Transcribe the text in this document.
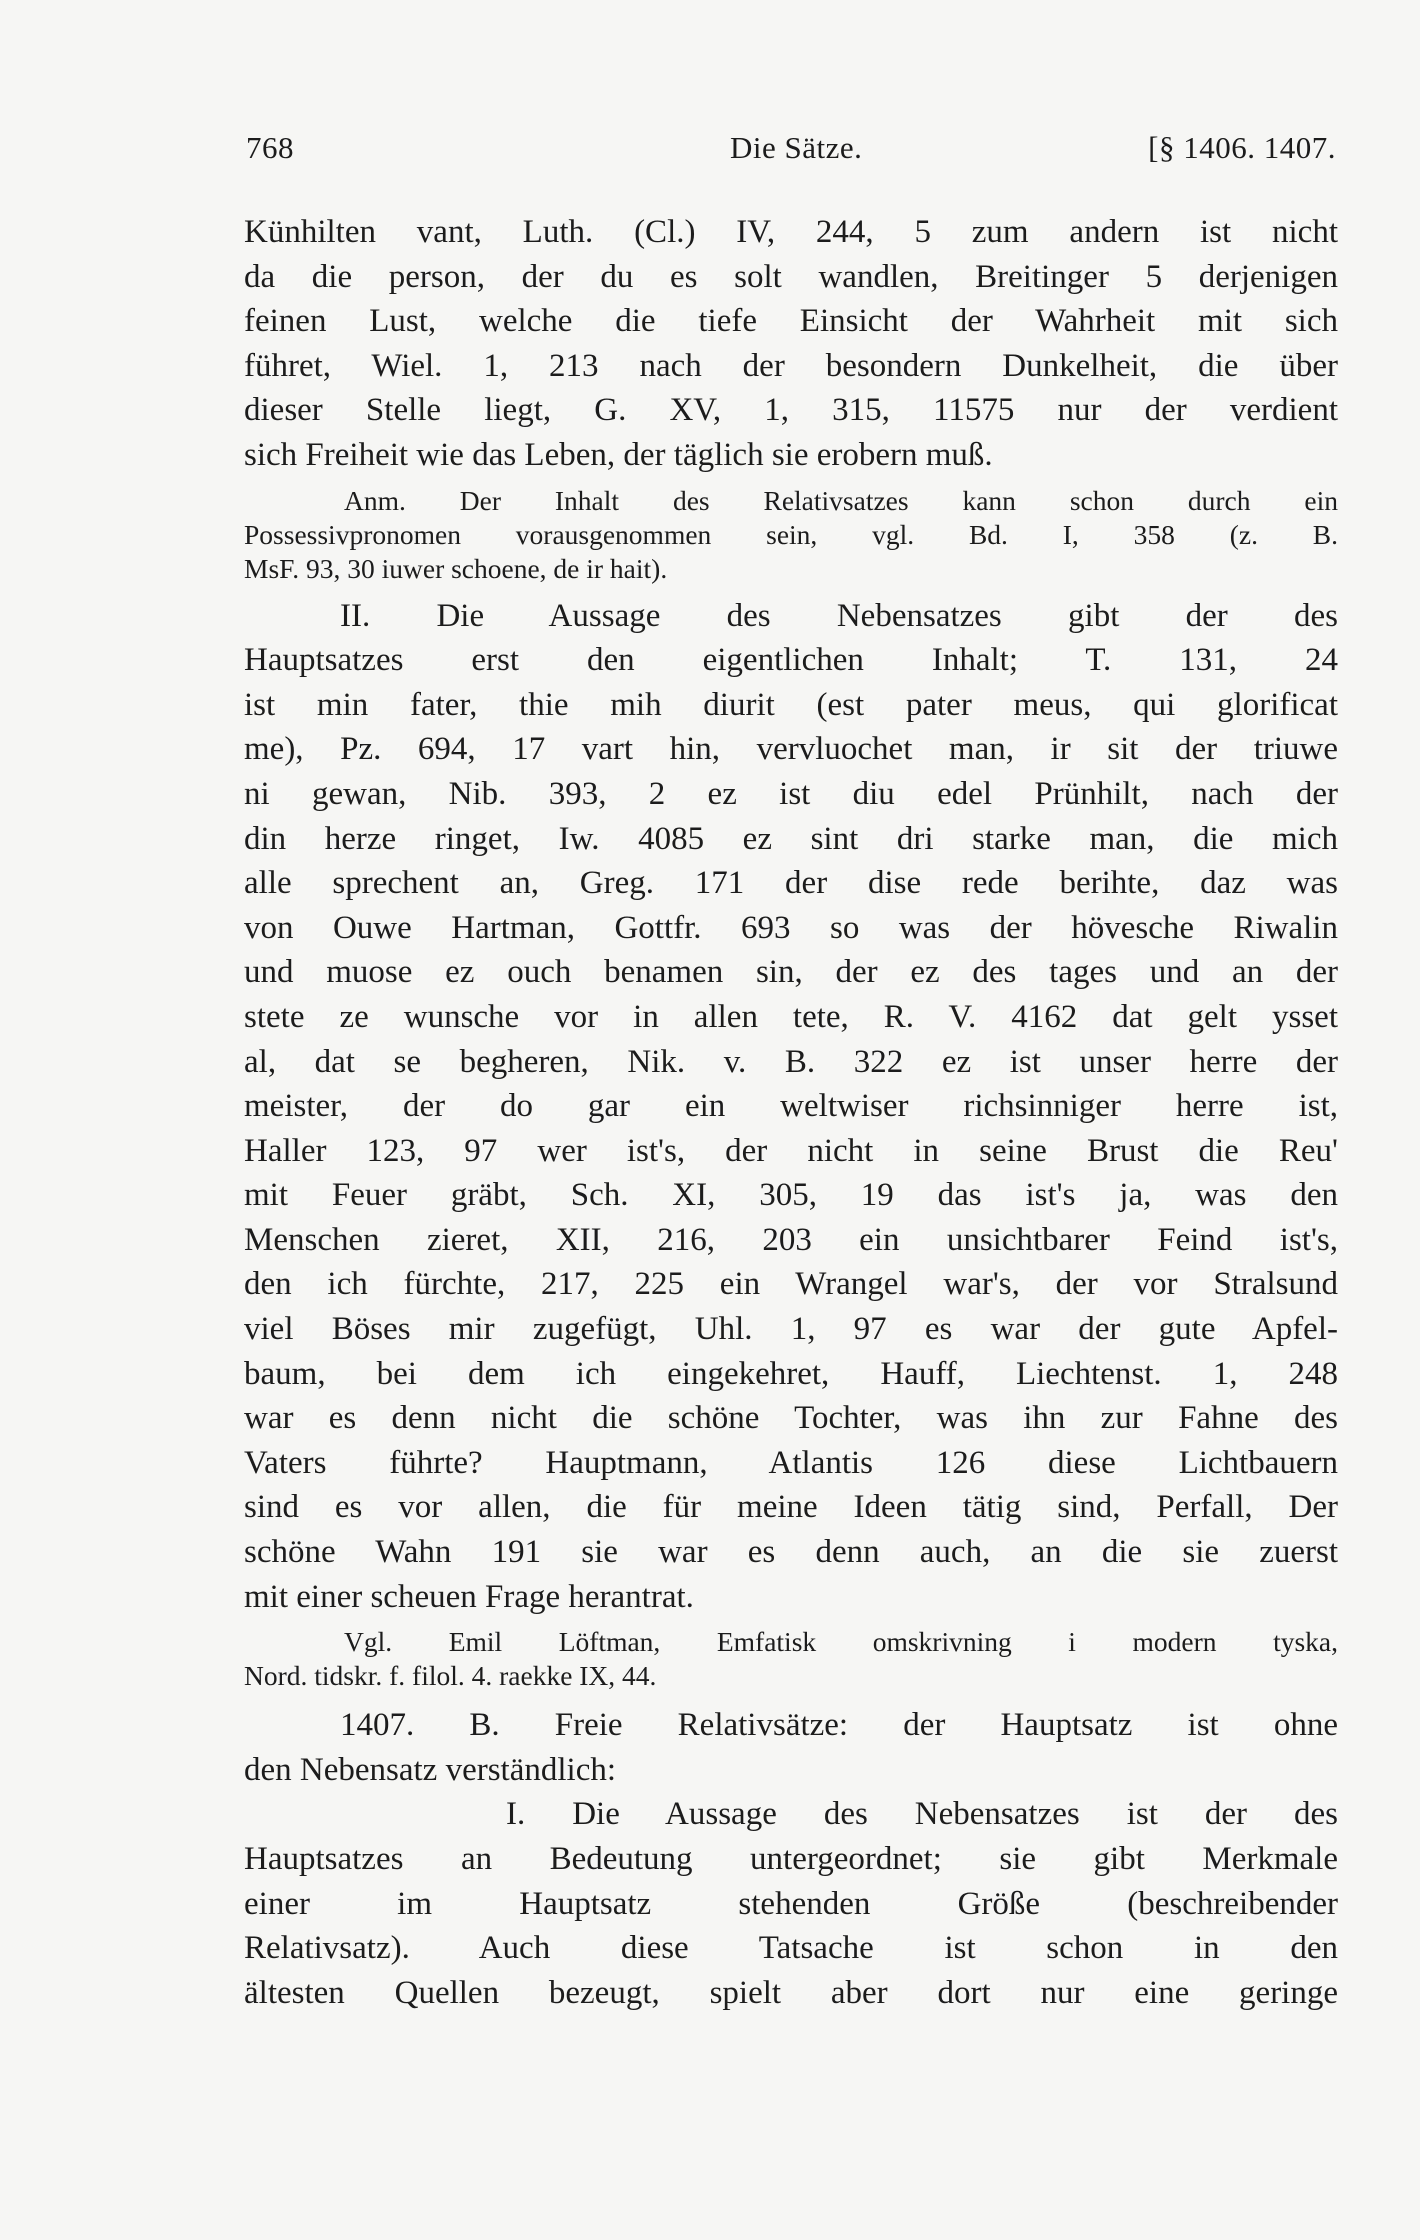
768	Die Sätze.	[§ 1406. 1407.
Künhilten vant, Luth. (Cl.) IV, 244, 5 zum andern ist nicht
da die person, der du es solt wandlen, Breitinger 5 derjenigen
feinen Lust, welche die tiefe Einsicht der Wahrheit mit sich
führet, Wiel. 1, 213 nach der besondern Dunkelheit, die über
dieser Stelle liegt, G. XV, 1, 315, 11575 nur der verdient
sich Freiheit wie das Leben, der täglich sie erobern muß.
Anm. Der Inhalt des Relativsatzes kann schon durch ein
Possessivpronomen vorausgenommen sein, vgl. Bd. I, 358 (z. B.
MsF. 93, 30 iuwer schoene, de ir hait).
II. Die Aussage des Nebensatzes gibt der des
Hauptsatzes erst den eigentlichen Inhalt; T. 131, 24
ist min fater, thie mih diurit (est pater meus, qui glorificat
me), Pz. 694, 17 vart hin, vervluochet man, ir sit der triuwe
ni gewan, Nib. 393, 2 ez ist diu edel Prünhilt, nach der
din herze ringet, Iw. 4085 ez sint dri starke man, die mich
alle sprechent an, Greg. 171 der dise rede berihte, daz was
von Ouwe Hartman, Gottfr. 693 so was der hövesche Riwalin
und muose ez ouch benamen sin, der ez des tages und an der
stete ze wunsche vor in allen tete, R. V. 4162 dat gelt ysset
al, dat se begheren, Nik. v. B. 322 ez ist unser herre der
meister, der do gar ein weltwiser richsinniger herre ist,
Haller 123, 97 wer ist's, der nicht in seine Brust die Reu'
mit Feuer gräbt, Sch. XI, 305, 19 das ist's ja, was den
Menschen zieret, XII, 216, 203 ein unsichtbarer Feind ist's,
den ich fürchte, 217, 225 ein Wrangel war's, der vor Stralsund
viel Böses mir zugefügt, Uhl. 1, 97 es war der gute Apfel-
baum, bei dem ich eingekehret, Hauff, Liechtenst. 1, 248
war es denn nicht die schöne Tochter, was ihn zur Fahne des
Vaters führte? Hauptmann, Atlantis 126 diese Lichtbauern
sind es vor allen, die für meine Ideen tätig sind, Perfall, Der
schöne Wahn 191 sie war es denn auch, an die sie zuerst
mit einer scheuen Frage herantrat.
Vgl. Emil Löftman, Emfatisk omskrivning i modern tyska,
Nord. tidskr. f. filol. 4. raekke IX, 44.
1407. B. Freie Relativsätze: der Hauptsatz ist ohne
den Nebensatz verständlich:
I. Die Aussage des Nebensatzes ist der des
Hauptsatzes an Bedeutung untergeordnet; sie gibt Merkmale
einer im Hauptsatz stehenden Größe (beschreibender
Relativsatz). Auch diese Tatsache ist schon in den
ältesten Quellen bezeugt, spielt aber dort nur eine geringe
